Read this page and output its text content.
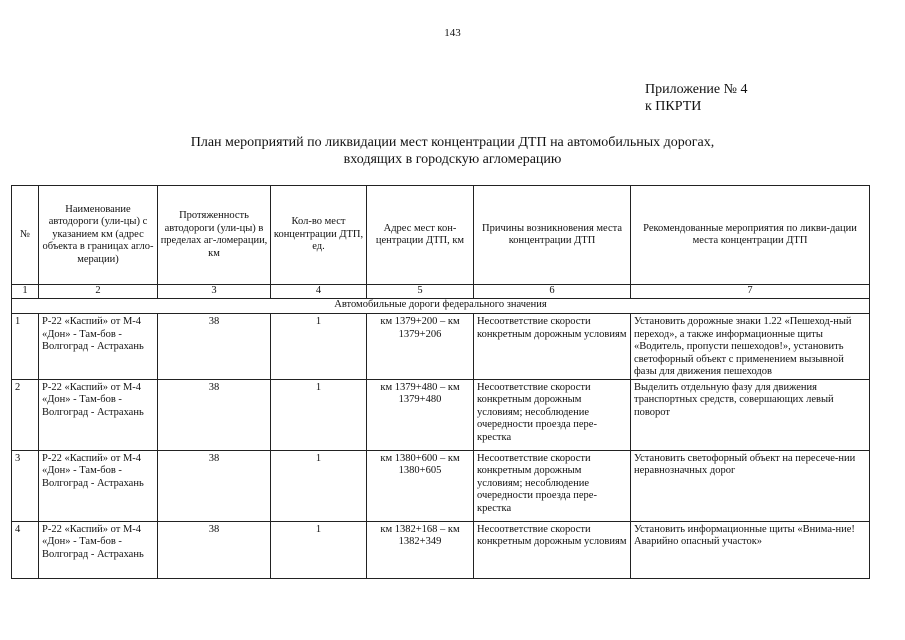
143
Приложение № 4
к ПКРТИ
План мероприятий по ликвидации мест концентрации ДТП на автомобильных дорогах,
входящих в городскую агломерацию
№	Наименование автодороги (ули-цы) с указанием км (адрес объекта в границах агло-мерации)	Протяженность автодороги (ули-цы) в пределах аг-ломерации, км	Кол-во мест концентрации ДТП, ед.	Адрес мест кон-центрации ДТП, км	Причины возникновения места концентрации ДТП	Рекомендованные мероприятия по ликви-дации места концентрации ДТП
1	2	3	4	5	6	7
Автомобильные дороги федерального значения						
1	Р-22 «Каспий» от М-4 «Дон» - Там-бов - Волгоград - Астрахань	38	1	км 1379+200 – км 1379+206	Несоответствие скорости конкретным дорожным условиям	Установить дорожные знаки 1.22 «Пешеход-ный переход», а также информационные щиты «Водитель, пропусти пешеходов!», установить светофорный объект с применением вызывной фазы для движения пешеходов
2	Р-22 «Каспий» от М-4 «Дон» - Там-бов - Волгоград - Астрахань	38	1	км 1379+480 – км 1379+480	Несоответствие скорости конкретным дорожным условиям; несоблюдение очередности проезда пере-крестка	Выделить отдельную фазу для движения транспортных средств, совершающих левый поворот
3	Р-22 «Каспий» от М-4 «Дон» - Там-бов - Волгоград - Астрахань	38	1	км 1380+600 – км 1380+605	Несоответствие скорости конкретным дорожным условиям; несоблюдение очередности проезда пере-крестка	Установить светофорный объект на пересече-нии неравнозначных дорог
4	Р-22 «Каспий» от М-4 «Дон» - Там-бов - Волгоград - Астрахань	38	1	км 1382+168 – км 1382+349	Несоответствие скорости конкретным дорожным условиям	Установить информационные щиты «Внима-ние! Аварийно опасный участок»
